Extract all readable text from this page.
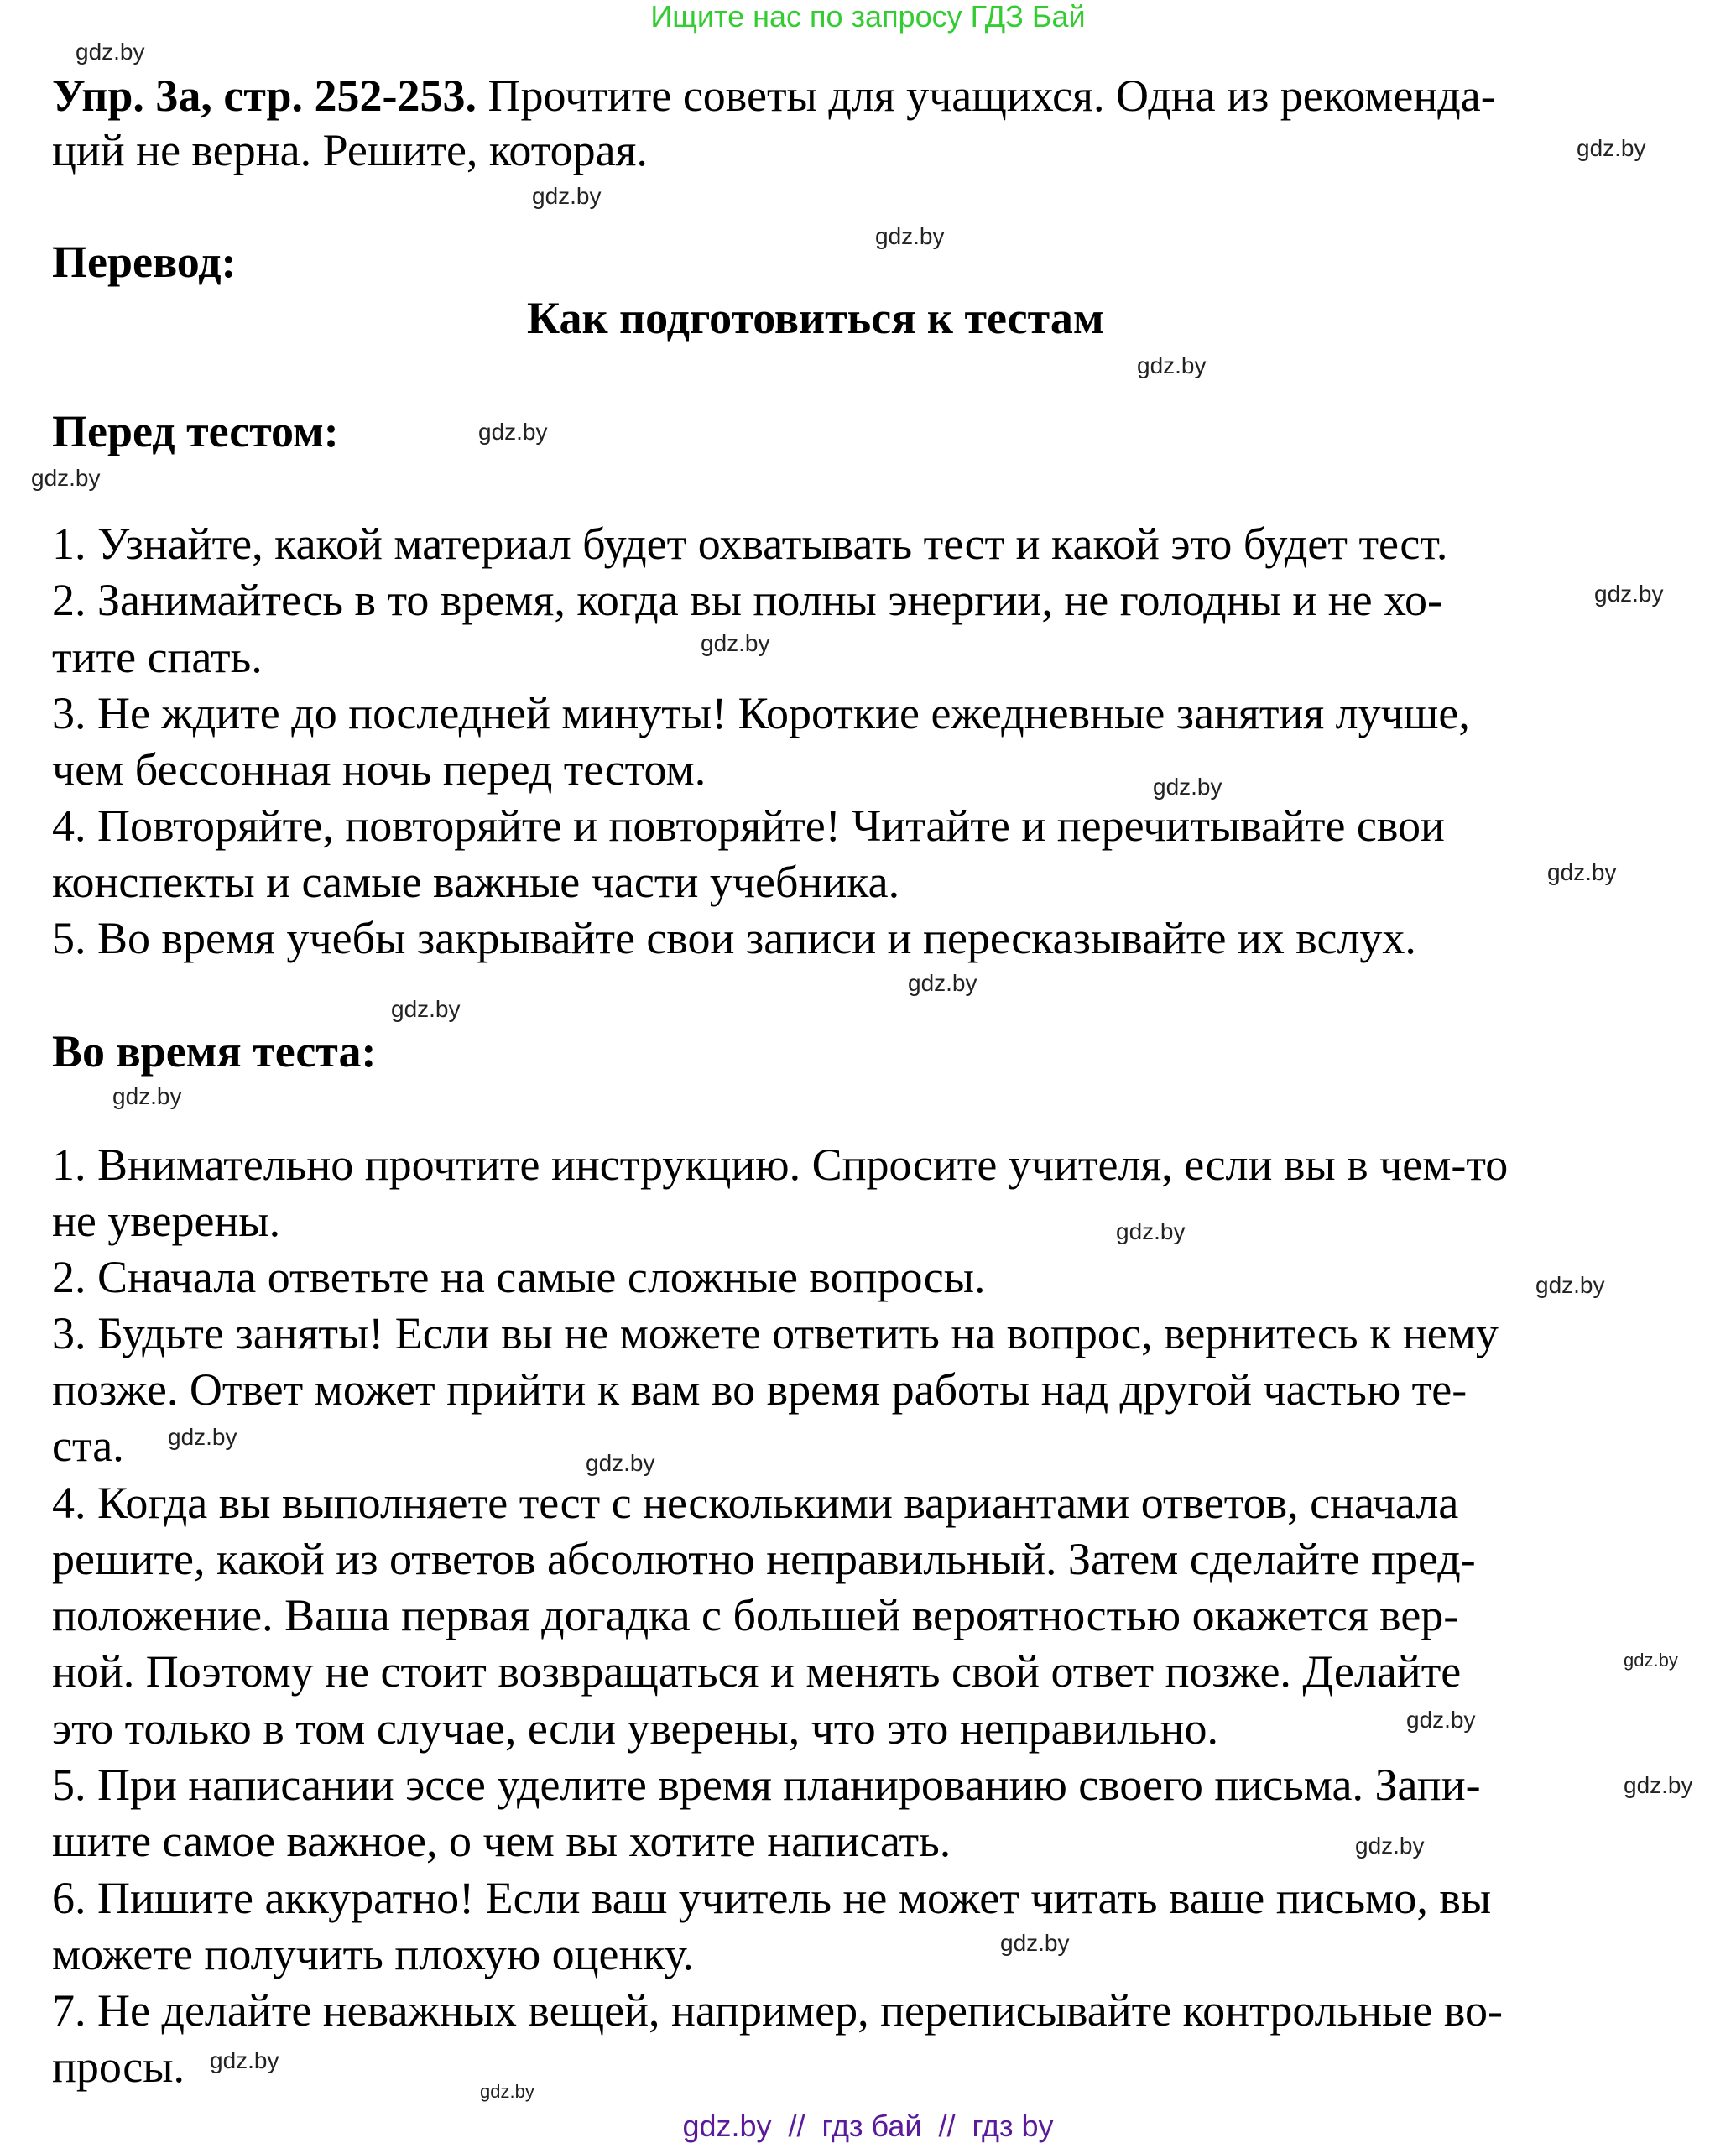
Ищите нас по запросу ГДЗ Бай
Упр. 3а, стр. 252-253. Прочтите советы для учащихся. Одна из рекоменда-
ций не верна. Решите, которая.
Перевод:
Как подготовиться к тестам
Перед тестом:
1. Узнайте, какой материал будет охватывать тест и какой это будет тест.
2. Занимайтесь в то время, когда вы полны энергии, не голодны и не хо-
тите спать.
3. Не ждите до последней минуты! Короткие ежедневные занятия лучше,
чем бессонная ночь перед тестом.
4. Повторяйте, повторяйте и повторяйте! Читайте и перечитывайте свои
конспекты и самые важные части учебника.
5. Во время учебы закрывайте свои записи и пересказывайте их вслух.
Во время теста:
1. Внимательно прочтите инструкцию. Спросите учителя, если вы в чем-то
не уверены.
2. Сначала ответьте на самые сложные вопросы.
3. Будьте заняты! Если вы не можете ответить на вопрос, вернитесь к нему
позже. Ответ может прийти к вам во время работы над другой частью те-
ста.
4. Когда вы выполняете тест с несколькими вариантами ответов, сначала
решите, какой из ответов абсолютно неправильный. Затем сделайте пред-
положение. Ваша первая догадка с большей вероятностью окажется вер-
ной. Поэтому не стоит возвращаться и менять свой ответ позже. Делайте
это только в том случае, если уверены, что это неправильно.
5. При написании эссе уделите время планированию своего письма. Запи-
шите самое важное, о чем вы хотите написать.
6. Пишите аккуратно! Если ваш учитель не может читать ваше письмо, вы
можете получить плохую оценку.
7. Не делайте неважных вещей, например, переписывайте контрольные во-
просы.
gdz.by
gdz.by
gdz.by
gdz.by
gdz.by
gdz.by
gdz.by
gdz.by
gdz.by
gdz.by
gdz.by
gdz.by
gdz.by
gdz.by
gdz.by
gdz.by
gdz.by
gdz.by
gdz.by
gdz.by
gdz.by
gdz.by
gdz.by
gdz.by
gdz.by
gdz.by  //  гдз бай  //  гдз by
